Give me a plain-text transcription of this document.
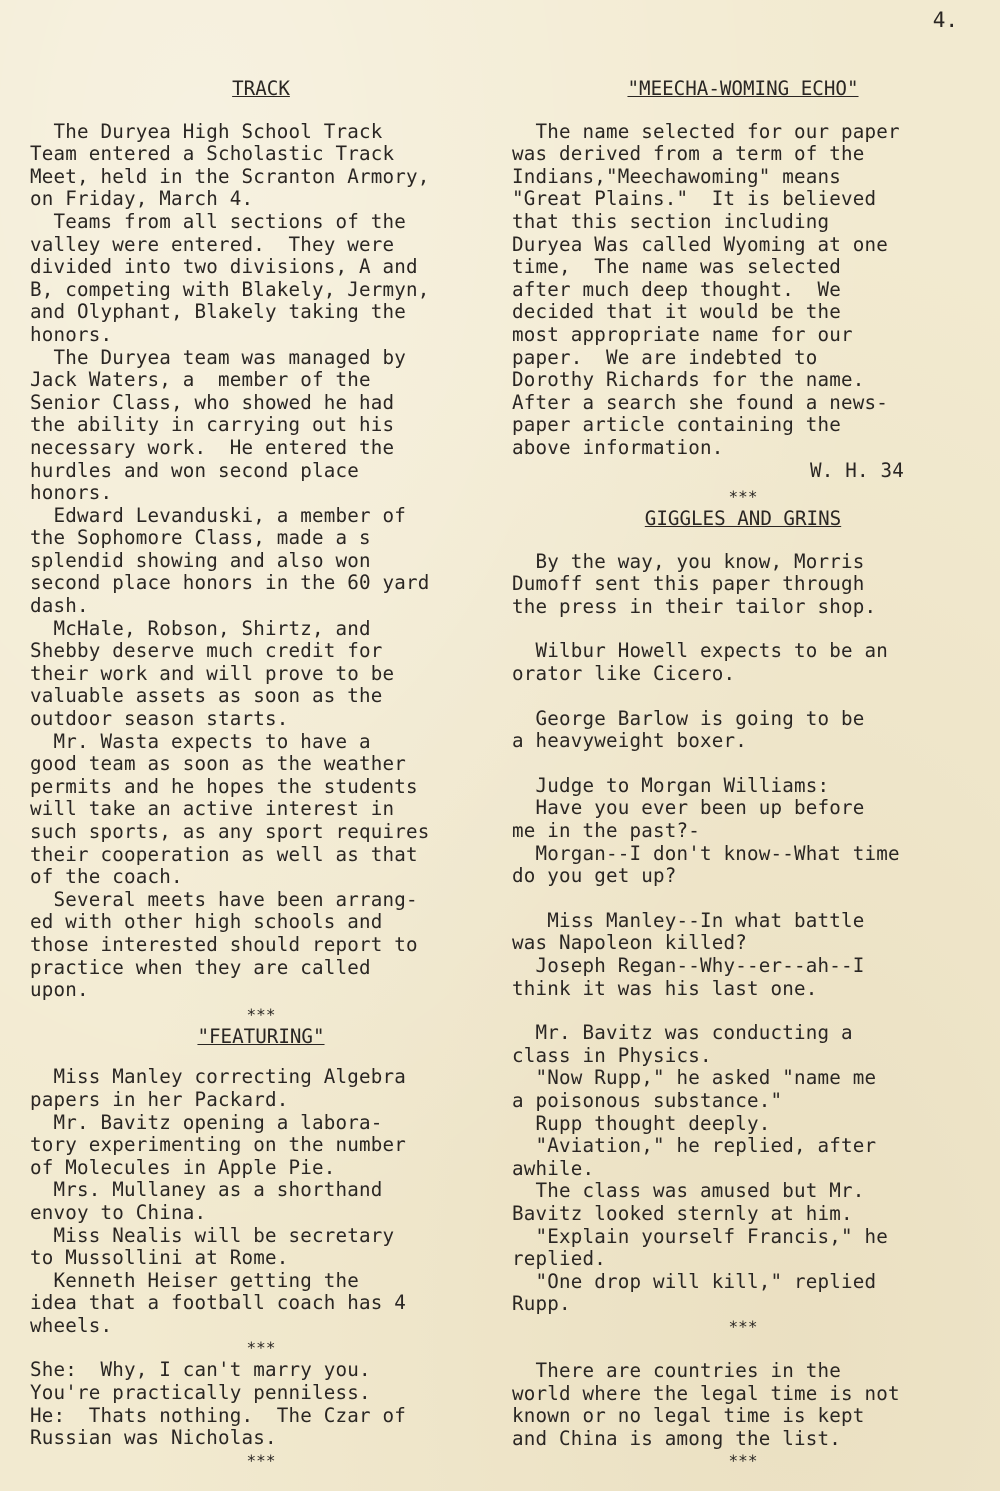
4.
TRACK
The Duryea High School Track
Team entered a Scholastic Track
Meet, held in the Scranton Armory,
on Friday, March 4.
Teams from all sections of the
valley were entered.  They were
divided into two divisions, A and
B, competing with Blakely, Jermyn,
and Olyphant, Blakely taking the
honors.
The Duryea team was managed by
Jack Waters, a  member of the
Senior Class, who showed he had
the ability in carrying out his
necessary work.  He entered the
hurdles and won second place
honors.
Edward Levanduski, a member of
the Sophomore Class, made a s
splendid showing and also won
second place honors in the 60 yard
dash.
McHale, Robson, Shirtz, and
Shebby deserve much credit for
their work and will prove to be
valuable assets as soon as the
outdoor season starts.
Mr. Wasta expects to have a
good team as soon as the weather
permits and he hopes the students
will take an active interest in
such sports, as any sport requires
their cooperation as well as that
of the coach.
Several meets have been arrang-
ed with other high schools and
those interested should report to
practice when they are called
upon.
***
"FEATURING"
Miss Manley correcting Algebra
papers in her Packard.
Mr. Bavitz opening a labora-
tory experimenting on the number
of Molecules in Apple Pie.
Mrs. Mullaney as a shorthand
envoy to China.
Miss Nealis will be secretary
to Mussollini at Rome.
Kenneth Heiser getting the
idea that a football coach has 4
wheels.
***
She:  Why, I can't marry you.
You're practically penniless.
He:  Thats nothing.  The Czar of
Russian was Nicholas.
***
"MEECHA-WOMING ECHO"
The name selected for our paper
was derived from a term of the
Indians,"Meechawoming" means
"Great Plains."  It is believed
that this section including
Duryea Was called Wyoming at one
time,  The name was selected
after much deep thought.  We
decided that it would be the
most appropriate name for our
paper.  We are indebted to
Dorothy Richards for the name.
After a search she found a news-
paper article containing the
above information.
W. H. 34
***
GIGGLES AND GRINS
By the way, you know, Morris
Dumoff sent this paper through
the press in their tailor shop.
Wilbur Howell expects to be an
orator like Cicero.
George Barlow is going to be
a heavyweight boxer.
Judge to Morgan Williams:
Have you ever been up before
me in the past?-
Morgan--I don't know--What time
do you get up?
Miss Manley--In what battle
was Napoleon killed?
Joseph Regan--Why--er--ah--I
think it was his last one.
Mr. Bavitz was conducting a
class in Physics.
"Now Rupp," he asked "name me
a poisonous substance."
Rupp thought deeply.
"Aviation," he replied, after
awhile.
The class was amused but Mr.
Bavitz looked sternly at him.
"Explain yourself Francis," he
replied.
"One drop will kill," replied
Rupp.
***
There are countries in the
world where the legal time is not
known or no legal time is kept
and China is among the list.
***
